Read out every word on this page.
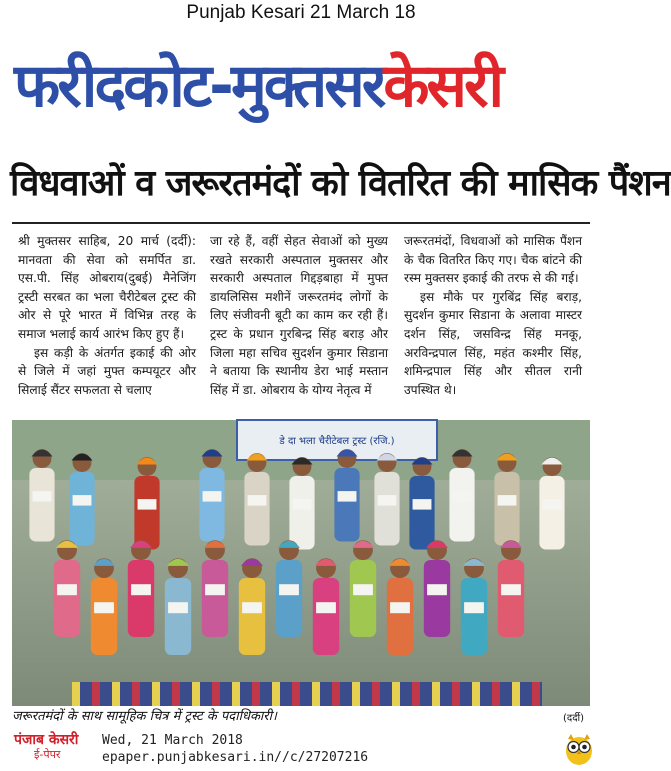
Punjab Kesari 21 March 18
फरीदकोट-मुक्तसरकेसरी
विधवाओं व जरूरतमंदों को वितरित की मासिक पैंशन

श्री मुक्तसर साहिब, 20 मार्च (दर्दी): मानवता की सेवा को समर्पित डा. एस.पी. सिंह ओबराय(दुबई) मैनेजिंग ट्रस्टी सरबत का भला चैरीटेबल ट्रस्ट की ओर से पूरे भारत में विभिन्न तरह के समाज भलाई कार्य आरंभ किए हुए हैं।

इस कड़ी के अंतर्गत इकाई की ओर से जिले में जहां मुफ्त कम्पयूटर और सिलाई सैंटर सफलता से चलाए

जा रहे हैं, वहीं सेहत सेवाओं को मुख्य रखते सरकारी अस्पताल मुक्तसर और सरकारी अस्पताल गिद्दड़बाहा में मुफ्त डायलिसिस मशीनें जरूरतमंद लोगों के लिए संजीवनी बूटी का काम कर रही हैं। ट्रस्ट के प्रधान गुरबिन्द्र सिंह बराड़ और जिला महा सचिव सुदर्शन कुमार सिडाना ने बताया कि स्थानीय डेरा भाई मस्तान सिंह में डा. ओबराय के योग्य नेतृत्व में

जरूरतमंदों, विधवाओं को मासिक पैंशन के चैक वितरित किए गए। चैक बांटने की रस्म मुक्तसर इकाई की तरफ से की गई।

इस मौके पर गुरबिंद्र सिंह बराड़, सुदर्शन कुमार सिडाना के अलावा मास्टर दर्शन सिंह, जसविन्द्र सिंह मनकू, अरविन्द्रपाल सिंह, महंत कश्मीर सिंह, शमिन्द्रपाल सिंह और सीतल रानी उपस्थित थे।

डे दा भला चैरीटेबल ट्रस्ट (रजि.)
जरूरतमंदों के साथ सामूहिक चित्र में ट्रस्ट के पदाधिकारी।	(दर्दी)
पंजाब केसरी
ई-पेपर
Wed, 21 March 2018
epaper.punjabkesari.in//c/27207216
